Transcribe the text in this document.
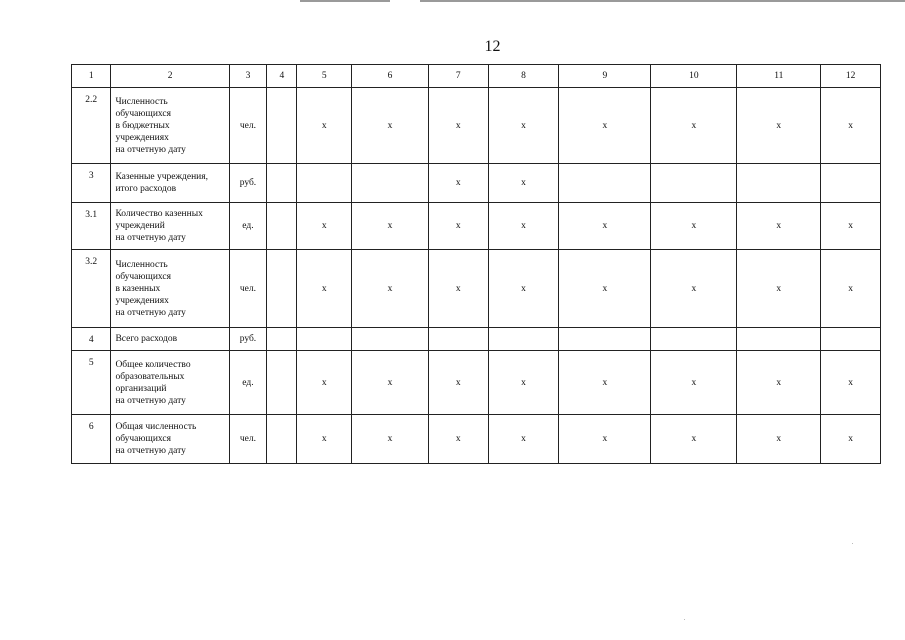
12
1	2	3	4	5	6	7	8	9	10	11	12
2.2	Численность
обучающихся
в бюджетных
учреждениях
на отчетную дату	чел.		х	х	х	х	х	х	х	х
3	Казенные учреждения,
итого расходов	руб.				х	х				
3.1	Количество казенных
учреждений
на отчетную дату	ед.		х	х	х	х	х	х	х	х
3.2	Численность
обучающихся
в казенных
учреждениях
на отчетную дату	чел.		х	х	х	х	х	х	х	х
4	Всего расходов	руб.									
5	Общее количество
образовательных
организаций
на отчетную дату	ед.		х	х	х	х	х	х	х	х
6	Общая численность
обучающихся
на отчетную дату	чел.		х	х	х	х	х	х	х	х
